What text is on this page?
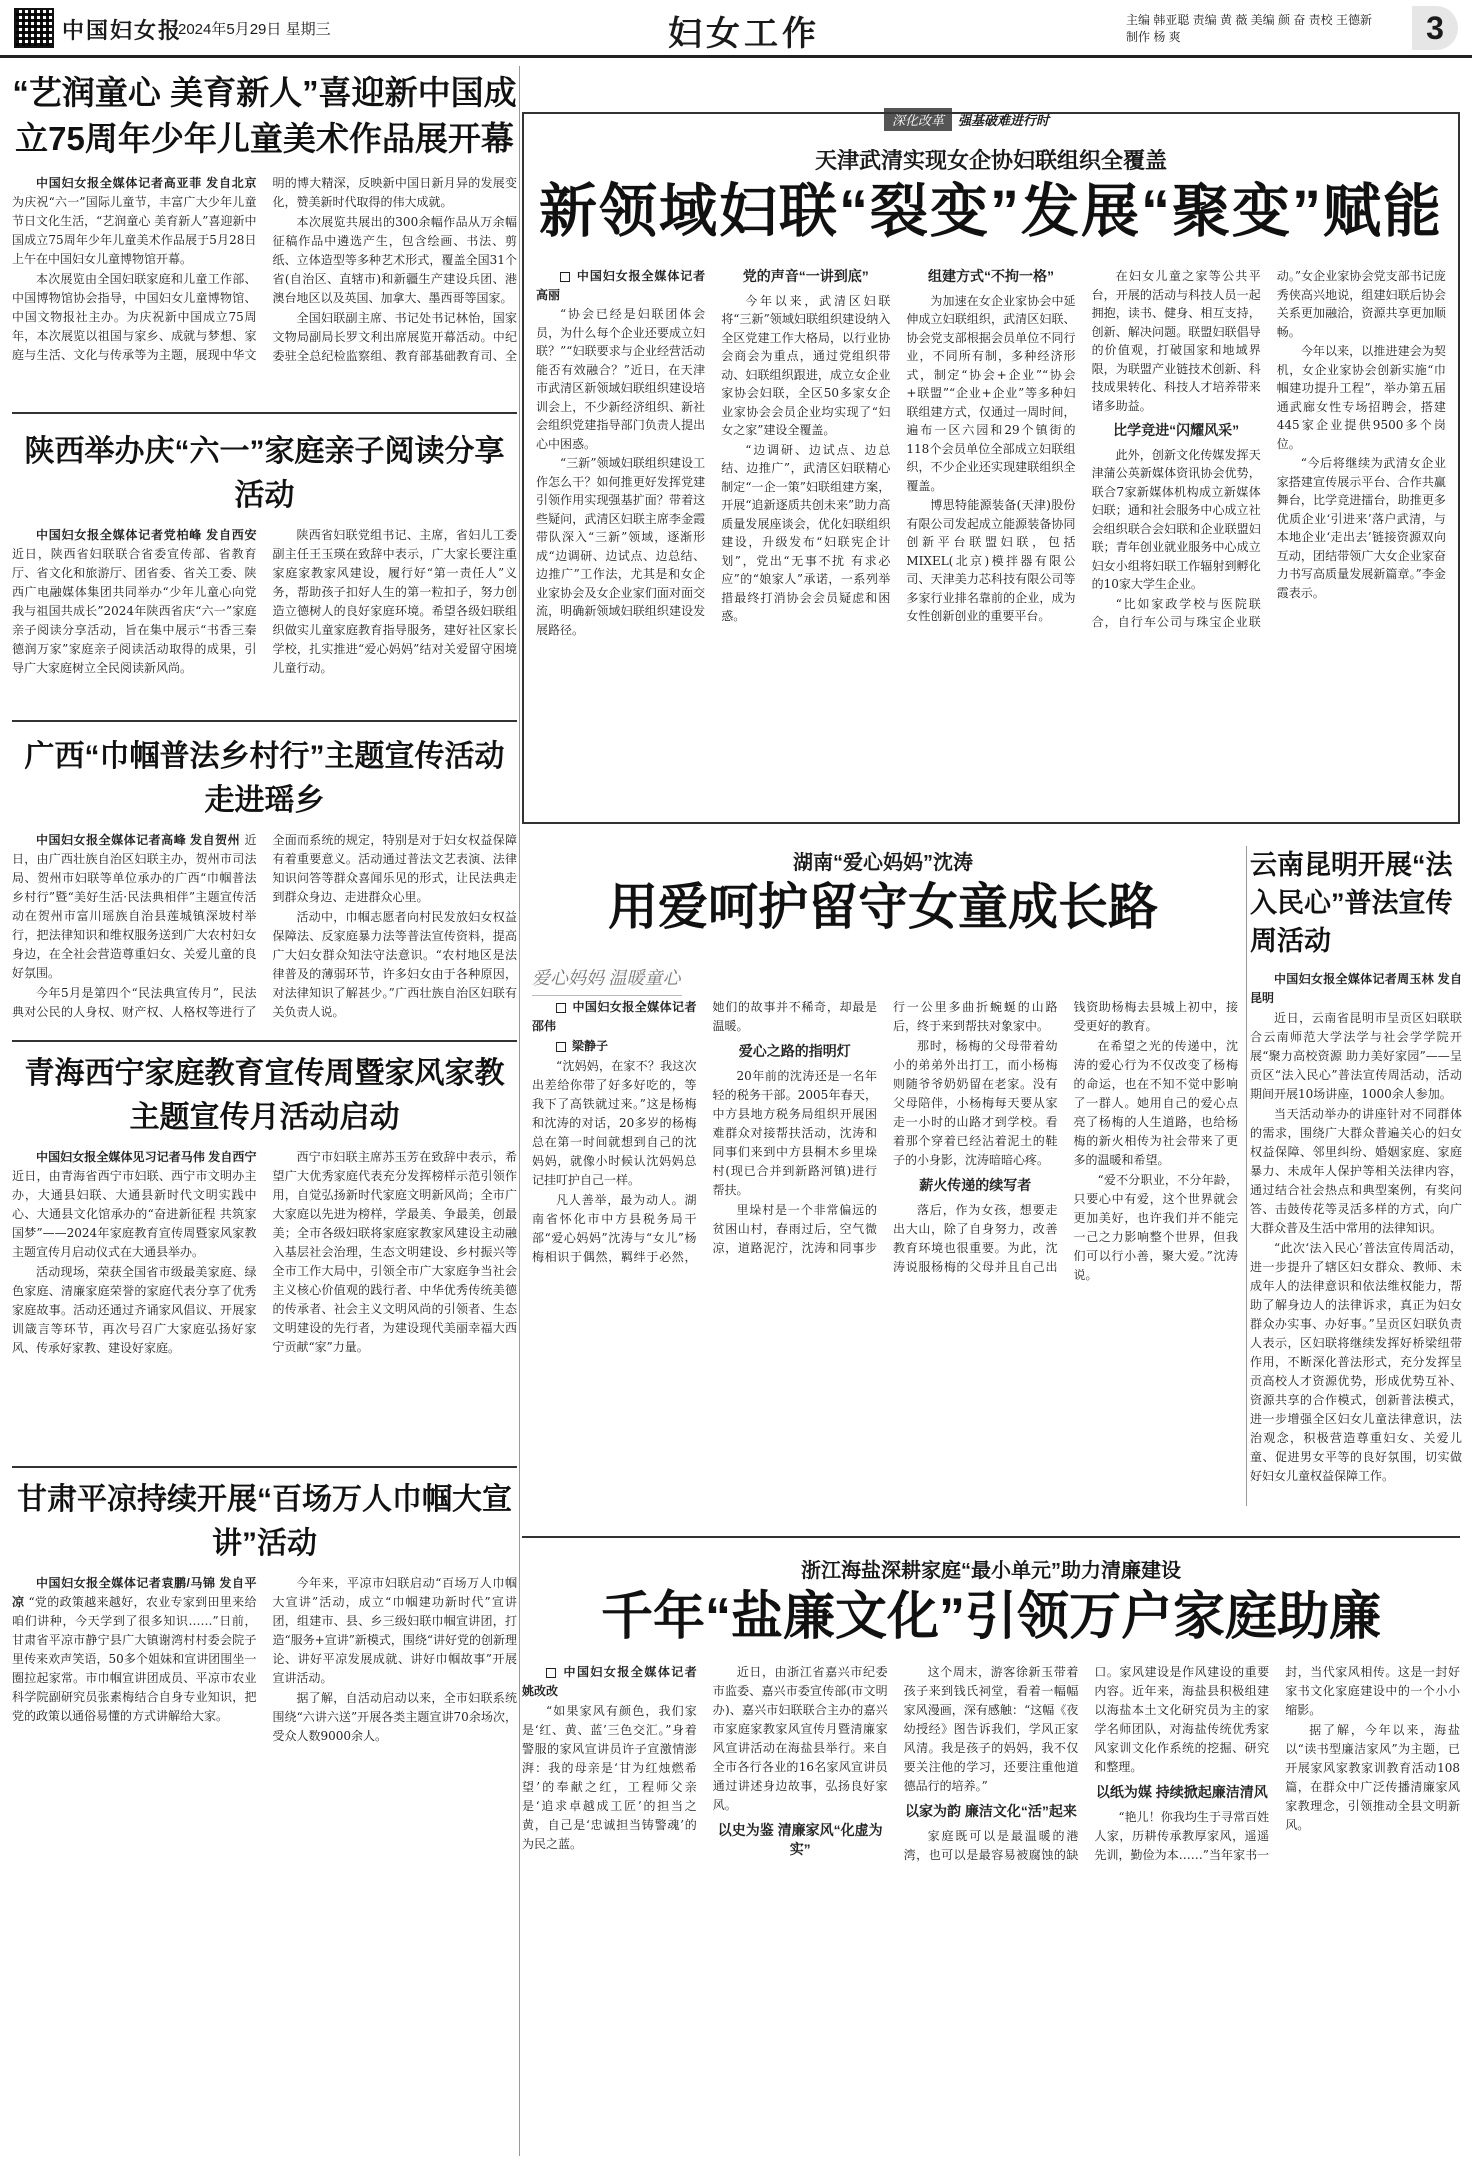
中国妇女报
2024年5月29日 星期三	妇女工作	主编 韩亚聪 责编 黄 薇 美编 颜 奋 责校 王德新 制作 杨 爽	3
“艺润童心 美育新人”喜迎新中国成立75周年少年儿童美术作品展开幕

中国妇女报全媒体记者高亚菲 发自北京 为庆祝“六一”国际儿童节，丰富广大少年儿童节日文化生活，“艺润童心 美育新人”喜迎新中国成立75周年少年儿童美术作品展于5月28日上午在中国妇女儿童博物馆开幕。

本次展览由全国妇联家庭和儿童工作部、中国博物馆协会指导，中国妇女儿童博物馆、中国文物报社主办。为庆祝新中国成立75周年，本次展览以祖国与家乡、成就与梦想、家庭与生活、文化与传承等为主题，展现中华文明的博大精深，反映新中国日新月异的发展变化，赞美新时代取得的伟大成就。

本次展览共展出的300余幅作品从万余幅征稿作品中遴选产生，包含绘画、书法、剪纸、立体造型等多种艺术形式，覆盖全国31个省(自治区、直辖市)和新疆生产建设兵团、港澳台地区以及英国、加拿大、墨西哥等国家。

全国妇联副主席、书记处书记林怡，国家文物局副局长罗文利出席展览开幕活动。中纪委驻全总纪检监察组、教育部基础教育司、全

陕西举办庆“六一”家庭亲子阅读分享活动

中国妇女报全媒体记者党柏峰 发自西安 近日，陕西省妇联联合省委宣传部、省教育厅、省文化和旅游厅、团省委、省关工委、陕西广电融媒体集团共同举办“少年儿童心向党 我与祖国共成长”2024年陕西省庆“六一”家庭亲子阅读分享活动，旨在集中展示“书香三秦 德润万家”家庭亲子阅读活动取得的成果，引导广大家庭树立全民阅读新风尚。

陕西省妇联党组书记、主席，省妇儿工委副主任王玉瑛在致辞中表示，广大家长要注重家庭家教家风建设，履行好“第一责任人”义务，帮助孩子扣好人生的第一粒扣子，努力创造立德树人的良好家庭环境。希望各级妇联组织做实儿童家庭教育指导服务，建好社区家长学校，扎实推进“爱心妈妈”结对关爱留守困境儿童行动。

广西“巾帼普法乡村行”主题宣传活动走进瑶乡

中国妇女报全媒体记者高峰 发自贺州 近日，由广西壮族自治区妇联主办，贺州市司法局、贺州市妇联等单位承办的广西“巾帼普法乡村行”暨“美好生活·民法典相伴”主题宣传活动在贺州市富川瑶族自治县莲城镇深坡村举行，把法律知识和维权服务送到广大农村妇女身边，在全社会营造尊重妇女、关爱儿童的良好氛围。

今年5月是第四个“民法典宣传月”，民法典对公民的人身权、财产权、人格权等进行了全面而系统的规定，特别是对于妇女权益保障有着重要意义。活动通过普法文艺表演、法律知识问答等群众喜闻乐见的形式，让民法典走到群众身边、走进群众心里。

活动中，巾帼志愿者向村民发放妇女权益保障法、反家庭暴力法等普法宣传资料，提高广大妇女群众知法守法意识。“农村地区是法律普及的薄弱环节，许多妇女由于各种原因，对法律知识了解甚少。”广西壮族自治区妇联有关负责人说。

青海西宁家庭教育宣传周暨家风家教主题宣传月活动启动

中国妇女报全媒体见习记者马伟 发自西宁 近日，由青海省西宁市妇联、西宁市文明办主办，大通县妇联、大通县新时代文明实践中心、大通县文化馆承办的“奋进新征程 共筑家国梦”——2024年家庭教育宣传周暨家风家教主题宣传月启动仪式在大通县举办。

活动现场，荣获全国省市级最美家庭、绿色家庭、清廉家庭荣誉的家庭代表分享了优秀家庭故事。活动还通过齐诵家风倡议、开展家训箴言等环节，再次号召广大家庭弘扬好家风、传承好家教、建设好家庭。

西宁市妇联主席苏玉芳在致辞中表示，希望广大优秀家庭代表充分发挥榜样示范引领作用，自觉弘扬新时代家庭文明新风尚；全市广大家庭以先进为榜样，学最美、争最美，创最美；全市各级妇联将家庭家教家风建设主动融入基层社会治理，生态文明建设、乡村振兴等全市工作大局中，引领全市广大家庭争当社会主义核心价值观的践行者、中华优秀传统美德的传承者、社会主义文明风尚的引领者、生态文明建设的先行者，为建设现代美丽幸福大西宁贡献“家”力量。

甘肃平凉持续开展“百场万人巾帼大宣讲”活动

中国妇女报全媒体记者袁鹏/马锦 发自平凉 “党的政策越来越好，农业专家到田里来给咱们讲种，今天学到了很多知识……”日前，甘肃省平凉市静宁县广大镇谢湾村村委会院子里传来欢声笑语，50多个姐妹和宣讲团围坐一圈拉起家常。市巾帼宣讲团成员、平凉市农业科学院副研究员张素梅结合自身专业知识，把党的政策以通俗易懂的方式讲解给大家。

今年来，平凉市妇联启动“百场万人巾帼大宣讲”活动，成立“巾帼建功新时代”宣讲团，组建市、县、乡三级妇联巾帼宣讲团，打造“服务+宣讲”新模式，围绕“讲好党的创新理论、讲好平凉发展成就、讲好巾帼故事”开展宣讲活动。

据了解，自活动启动以来，全市妇联系统围绕“六讲六送”开展各类主题宣讲70余场次，受众人数9000余人。

深化改革	强基破难进行时
天津武清实现女企协妇联组织全覆盖
新领域妇联“裂变”发展“聚变”赋能

中国妇女报全媒体记者 高丽

“协会已经是妇联团体会员，为什么每个企业还要成立妇联？”“妇联要求与企业经营活动能否有效融合？”近日，在天津市武清区新领域妇联组织建设培训会上，不少新经济组织、新社会组织党建指导部门负责人提出心中困惑。

“三新”领域妇联组织建设工作怎么干？如何推更好发挥党建引领作用实现强基扩面？带着这些疑问，武清区妇联主席李金霞带队深入“三新”领域，逐渐形成“边调研、边试点、边总结、边推广”工作法，尤其是和女企业家协会及女企业家们面对面交流，明确新领域妇联组织建设发展路径。

党的声音“一讲到底”

今年以来，武清区妇联将“三新”领域妇联组织建设纳入全区党建工作大格局，以行业协会商会为重点，通过党组织带动、妇联组织跟进，成立女企业家协会妇联，全区50多家女企业家协会会员企业均实现了“妇女之家”建设全覆盖。

“边调研、边试点、边总结、边推广”，武清区妇联精心制定“一企一策”妇联组建方案，开展“追新逐质共创未来”助力高质量发展座谈会，优化妇联组织建设，升级发布“妇联宪企计划”，党出“无事不扰 有求必应”的“娘家人”承诺，一系列举措最终打消协会会员疑虑和困惑。

组建方式“不拘一格”

为加速在女企业家协会中延伸成立妇联组织，武清区妇联、协会党支部根据会员单位不同行业，不同所有制，多种经济形式，制定“协会+企业”“协会+联盟”“企业+企业”等多种妇联组建方式，仅通过一周时间，遍布一区六园和29个镇街的118个会员单位全部成立妇联组织，不少企业还实现建联组织全覆盖。

博思特能源装备(天津)股份有限公司发起成立能源装备协同创新平台联盟妇联，包括MIXEL(北京)模拌器有限公司、天津美力芯科技有限公司等多家行业排名靠前的企业，成为女性创新创业的重要平台。

在妇女儿童之家等公共平台，开展的活动与科技人员一起拥抱，读书、健身、相互支持，创新、解决问题。联盟妇联倡导的价值观，打破国家和地域界限，为联盟产业链技术创新、科技成果转化、科技人才培养带来诸多助益。

比学竞进“闪耀风采”

此外，创新文化传媒发挥天津蒲公英新媒体资讯协会优势，联合7家新媒体机构成立新媒体妇联；通和社会服务中心成立社会组织联合会妇联和企业联盟妇联；青年创业就业服务中心成立妇女小组将妇联工作辐射到孵化的10家大学生企业。

“比如家政学校与医院联合，自行车公司与珠宝企业联动。”女企业家协会党支部书记庞秀侠高兴地说，组建妇联后协会关系更加融洽，资源共享更加顺畅。

今年以来，以推进建会为契机，女企业家协会创新实施“巾帼建功提升工程”，举办第五届通武廊女性专场招聘会，搭建445家企业提供9500多个岗位。

“今后将继续为武清女企业家搭建宣传展示平台、合作共赢舞台，比学竞进擂台，助推更多优质企业‘引进来’落户武清，与本地企业‘走出去’链接资源双向互动，团结带领广大女企业家奋力书写高质量发展新篇章。”李金霞表示。

湖南“爱心妈妈”沈涛
用爱呵护留守女童成长路
爱心妈妈 温暖童心

中国妇女报全媒体记者 邵伟

梁静子

“沈妈妈，在家不？我这次出差给你带了好多好吃的，等我下了高铁就过来。”这是杨梅和沈涛的对话，20多岁的杨梅总在第一时间就想到自己的沈妈妈，就像小时候认沈妈妈总记挂叮护自己一样。

凡人善举，最为动人。湖南省怀化市中方县税务局干部“爱心妈妈”沈涛与“女儿”杨梅相识于偶然，羁绊于必然，她们的故事并不稀奇，却最是温暖。

爱心之路的指明灯

20年前的沈涛还是一名年轻的税务干部。2005年春天，中方县地方税务局组织开展困难群众对接帮扶活动，沈涛和同事们来到中方县桐木乡里垛村(现已合并到新路河镇)进行帮扶。

里垛村是一个非常偏远的贫困山村，春雨过后，空气微凉，道路泥泞，沈涛和同事步行一公里多曲折蜿蜒的山路后，终于来到帮扶对象家中。

那时，杨梅的父母带着幼小的弟弟外出打工，而小杨梅则随爷爷奶奶留在老家。没有父母陪伴，小杨梅每天要从家走一小时的山路才到学校。看着那个穿着已经沾着泥土的鞋子的小身影，沈涛暗暗心疼。

薪火传递的续写者

落后，作为女孩，想要走出大山，除了自身努力，改善教育环境也很重要。为此，沈涛说服杨梅的父母并且自己出钱资助杨梅去县城上初中，接受更好的教育。

在希望之光的传递中，沈涛的爱心行为不仅改变了杨梅的命运，也在不知不觉中影响了一群人。她用自己的爱心点亮了杨梅的人生道路，也给杨梅的新火相传为社会带来了更多的温暖和希望。

“爱不分职业，不分年龄，只要心中有爱，这个世界就会更加美好，也许我们并不能完一己之力影响整个世界，但我们可以行小善，聚大爱。”沈涛说。

云南昆明开展“法入民心”普法宣传周活动

中国妇女报全媒体记者周玉林 发自昆明

近日，云南省昆明市呈贡区妇联联合云南师范大学法学与社会学学院开展“聚力高校资源 助力美好家园”——呈贡区“法入民心”普法宣传周活动，活动期间开展10场讲座，1000余人参加。

当天活动举办的讲座针对不同群体的需求，围绕广大群众普遍关心的妇女权益保障、邻里纠纷、婚姻家庭、家庭暴力、未成年人保护等相关法律内容，通过结合社会热点和典型案例，有奖问答、击鼓传花等灵活多样的方式，向广大群众普及生活中常用的法律知识。

“此次‘法入民心’普法宣传周活动，进一步提升了辖区妇女群众、教师、未成年人的法律意识和依法维权能力，帮助了解身边人的法律诉求，真正为妇女群众办实事、办好事。”呈贡区妇联负责人表示，区妇联将继续发挥好桥梁纽带作用，不断深化普法形式，充分发挥呈贡高校人才资源优势，形成优势互补、资源共享的合作模式，创新普法模式，进一步增强全区妇女儿童法律意识，法治观念，积极营造尊重妇女、关爱儿童、促进男女平等的良好氛围，切实做好妇女儿童权益保障工作。

浙江海盐深耕家庭“最小单元”助力清廉建设
千年“盐廉文化”引领万户家庭助廉

中国妇女报全媒体记者 姚改改

“如果家风有颜色，我们家是‘红、黄、蓝’三色交汇。”身着警服的家风宣讲员许子宣激情澎湃：我的母亲是‘甘为红烛燃希望’的奉献之红，工程师父亲是‘追求卓越成工匠’的担当之黄，自己是‘忠诚担当铸警魂’的为民之蓝。

近日，由浙江省嘉兴市纪委市监委、嘉兴市委宣传部(市文明办)、嘉兴市妇联联合主办的嘉兴市家庭家教家风宣传月暨清廉家风宣讲活动在海盐县举行。来自全市各行各业的16名家风宣讲员通过讲述身边故事，弘扬良好家风。

以史为鉴 清廉家风“化虚为实”

这个周末，游客徐新玉带着孩子来到钱氏祠堂，看着一幅幅家风漫画，深有感触：“这幅《夜幼授经》图告诉我们，学风正家风清。我是孩子的妈妈，我不仅要关注他的学习，还要注重他道德品行的培养。”

以家为韵 廉洁文化“活”起来

家庭既可以是最温暖的港湾，也可以是最容易被腐蚀的缺口。家风建设是作风建设的重要内容。近年来，海盐县积极组建以海盐本土文化研究员为主的家学名师团队，对海盐传统优秀家风家训文化作系统的挖掘、研究和整理。

以纸为媒 持续掀起廉洁清风

“艳儿！你我均生于寻常百姓人家，历耕传承教厚家风，遥遥先训，勤俭为本……”当年家书一封，当代家风相传。这是一封好家书文化家庭建设中的一个小小缩影。

据了解，今年以来，海盐以“读书型廉洁家风”为主题，已开展家风家教家训教育活动108篇，在群众中广泛传播清廉家风家教理念，引领推动全县文明新风。
